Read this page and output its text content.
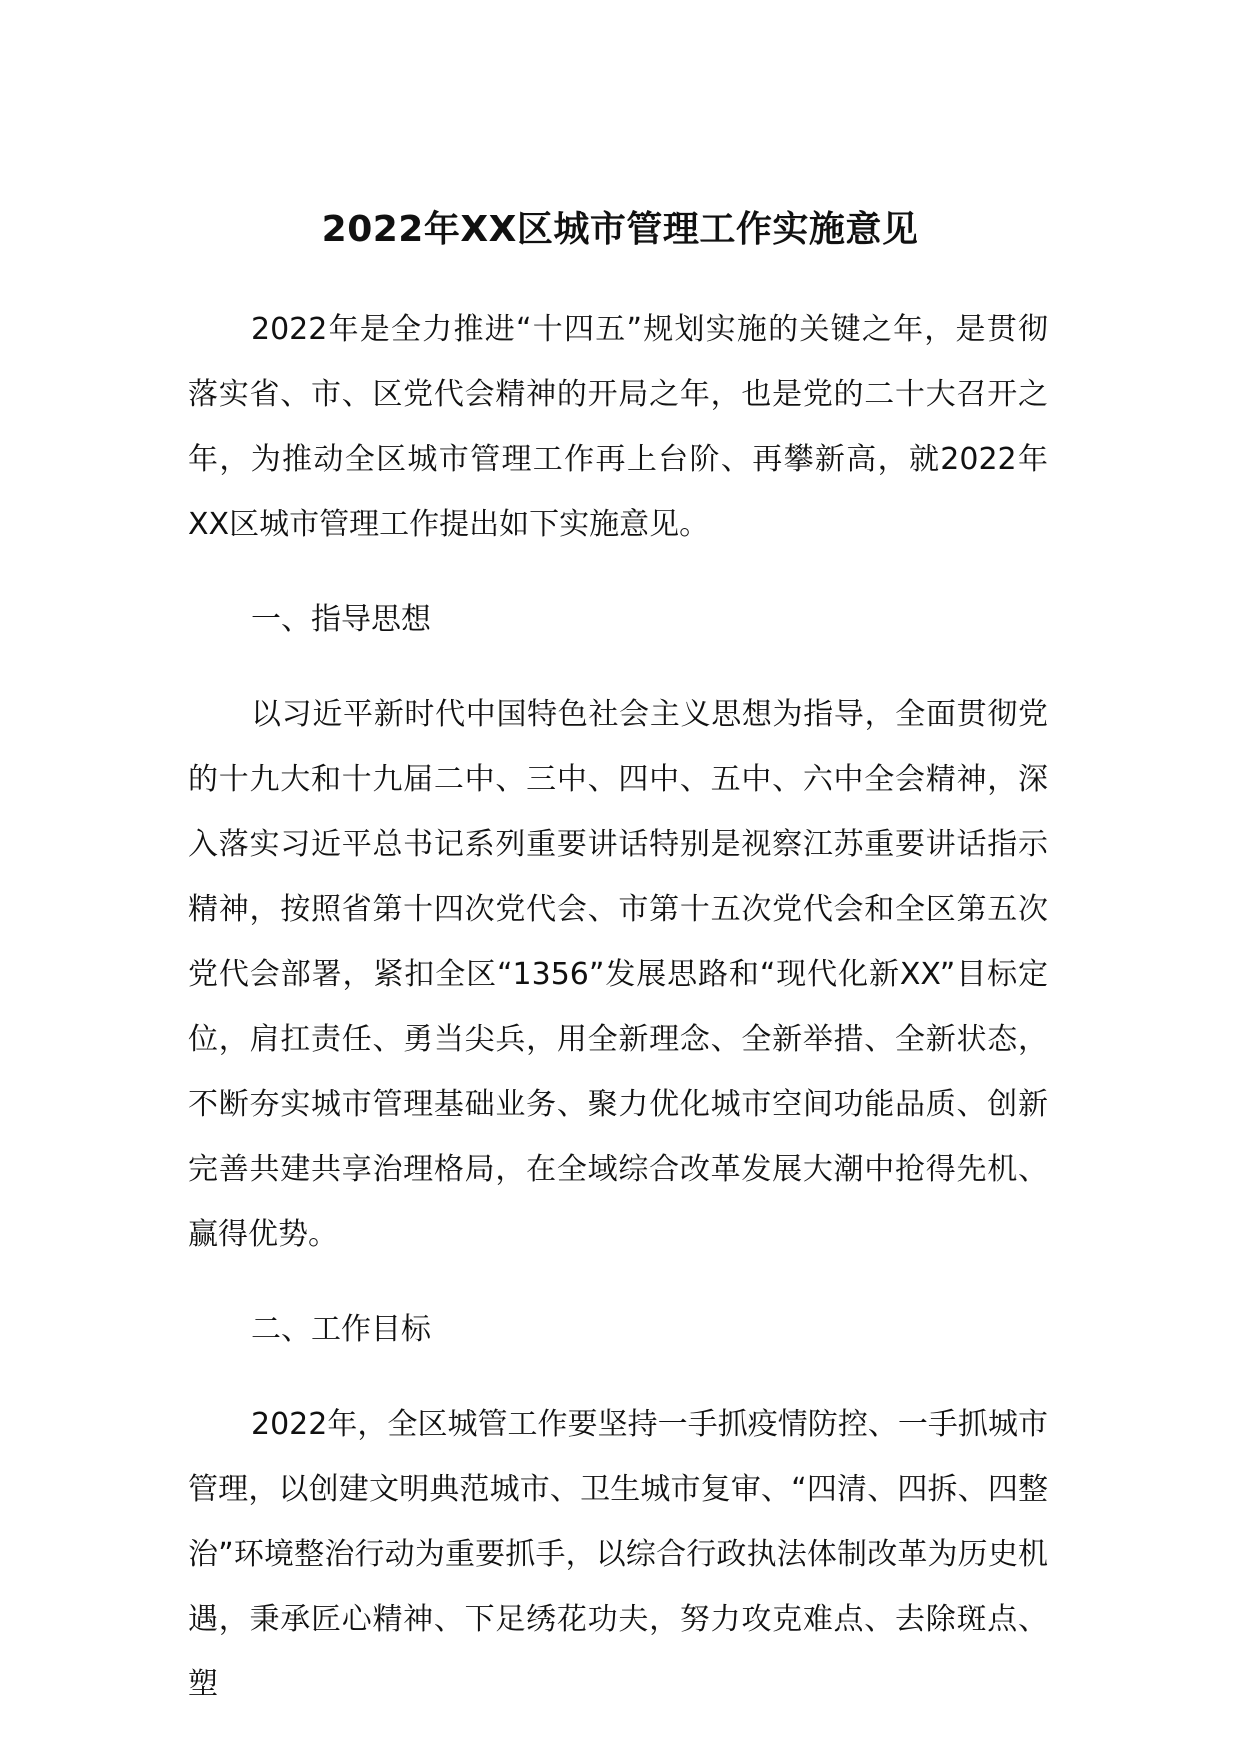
2022年XX区城市管理工作实施意见

2022年是全力推进“十四五”规划实施的关键之年，是贯彻落实省、市、区党代会精神的开局之年，也是党的二十大召开之年，为推动全区城市管理工作再上台阶、再攀新高，就2022年XX区城市管理工作提出如下实施意见。

一、指导思想

以习近平新时代中国特色社会主义思想为指导，全面贯彻党的十九大和十九届二中、三中、四中、五中、六中全会精神，深入落实习近平总书记系列重要讲话特别是视察江苏重要讲话指示精神，按照省第十四次党代会、市第十五次党代会和全区第五次党代会部署，紧扣全区“1356”发展思路和“现代化新XX”目标定位，肩扛责任、勇当尖兵，用全新理念、全新举措、全新状态，不断夯实城市管理基础业务、聚力优化城市空间功能品质、创新完善共建共享治理格局，在全域综合改革发展大潮中抢得先机、赢得优势。

二、工作目标

2022年，全区城管工作要坚持一手抓疫情防控、一手抓城市管理，以创建文明典范城市、卫生城市复审、“四清、四拆、四整治”环境整治行动为重要抓手，以综合行政执法体制改革为历史机遇，秉承匠心精神、下足绣花功夫，努力攻克难点、去除斑点、塑
